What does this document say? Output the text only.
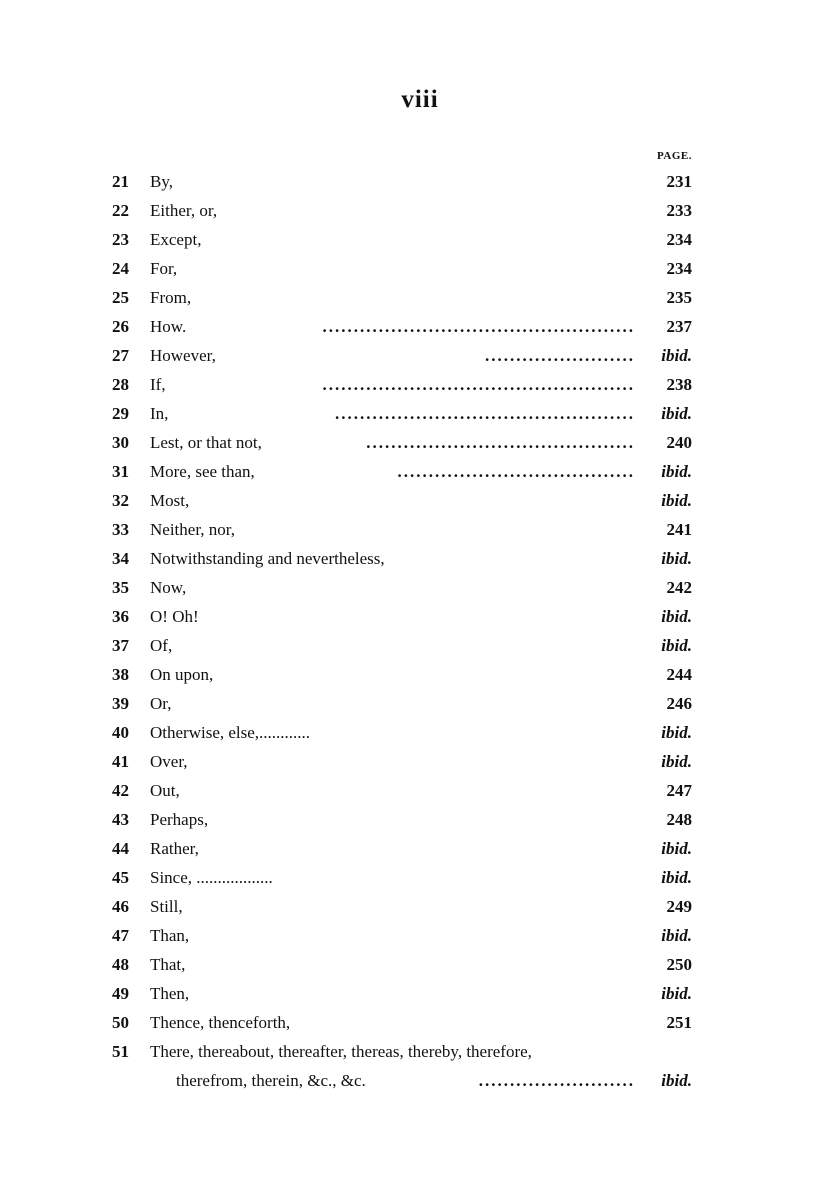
viii
PAGE.
21	By,	231
22	Either, or,	233
23	Except,	234
24	For,	234
25	From,	235
26	How.	..................................................	237
27	However,	........................	ibid.
28	If,	..................................................	238
29	In,	................................................	ibid.
30	Lest, or that not,	...........................................	240
31	More, see than,	......................................	ibid.
32	Most,	ibid.
33	Neither, nor,	241
34	Notwithstanding and nevertheless,	ibid.
35	Now,	242
36	O! Oh!	ibid.
37	Of,	ibid.
38	On upon,	244
39	Or,	246
40	Otherwise, else,............	ibid.
41	Over,	ibid.
42	Out,	247
43	Perhaps,	248
44	Rather,	ibid.
45	Since, ..................	ibid.
46	Still,	249
47	Than,	ibid.
48	That,	250
49	Then,	ibid.
50	Thence, thenceforth,	251
51	There, thereabout, thereafter, thereas, thereby, therefore,
therefrom, therein, &c., &c.	.........................	ibid.
